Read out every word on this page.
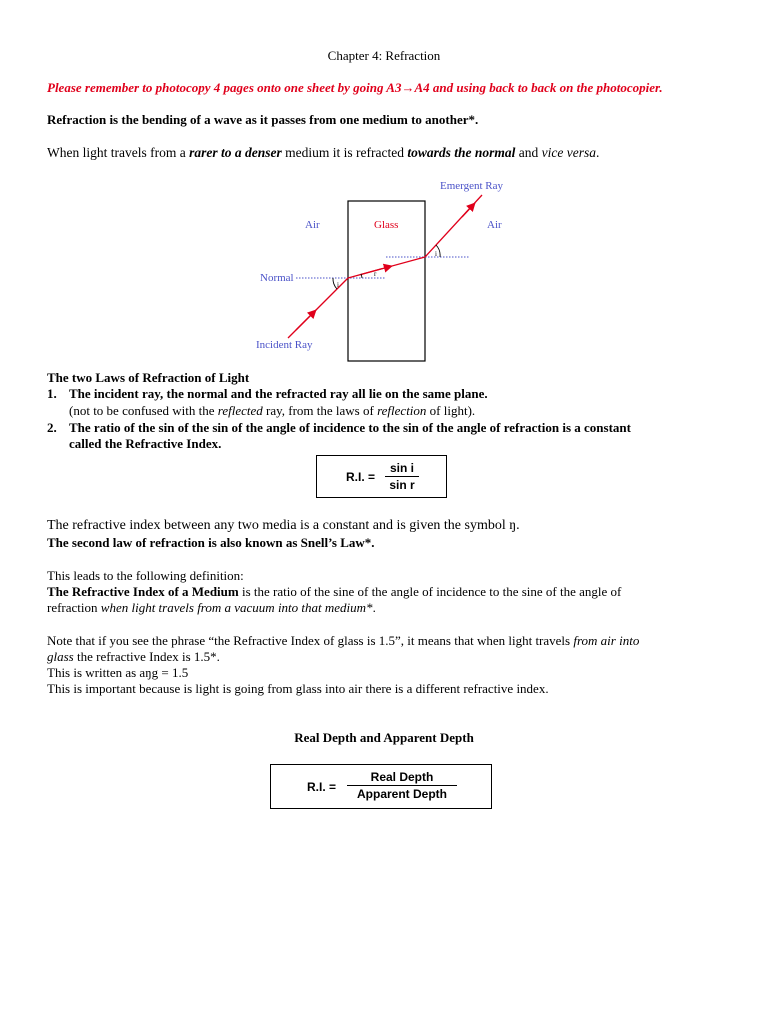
Chapter 4: Refraction
Please remember to photocopy 4 pages onto one sheet by going A3→A4 and using back to back on the photocopier.
Refraction is the bending of a wave as it passes from one medium to another*.
When light travels from a rarer to a denser medium it is refracted towards the normal and vice versa.
Emergent Ray
Air	Glass	Air
Normal
Incident Ray
i
r
i
The two Laws of Refraction of Light
1. The incident ray, the normal and the refracted ray all lie on the same plane.
(not to be confused with the reflected ray, from the laws of reflection of light).
2. The ratio of the sin of the sin of the angle of incidence to the sin of the angle of refraction is a constant
called the Refractive Index.
R.I. =
sin i
sin r
The refractive index between any two media is a constant and is given the symbol ŋ.
The second law of refraction is also known as Snell’s Law*.
This leads to the following definition:
The Refractive Index of a Medium is the ratio of the sine of the angle of incidence to the sine of the angle of
refraction when light travels from a vacuum into that medium*.
Note that if you see the phrase “the Refractive Index of glass is 1.5”, it means that when light travels from air into
glass the refractive Index is 1.5*.
This is written as aŋg = 1.5
This is important because is light is going from glass into air there is a different refractive index.
Real Depth and Apparent Depth
R.I. =
Real Depth
Apparent Depth
